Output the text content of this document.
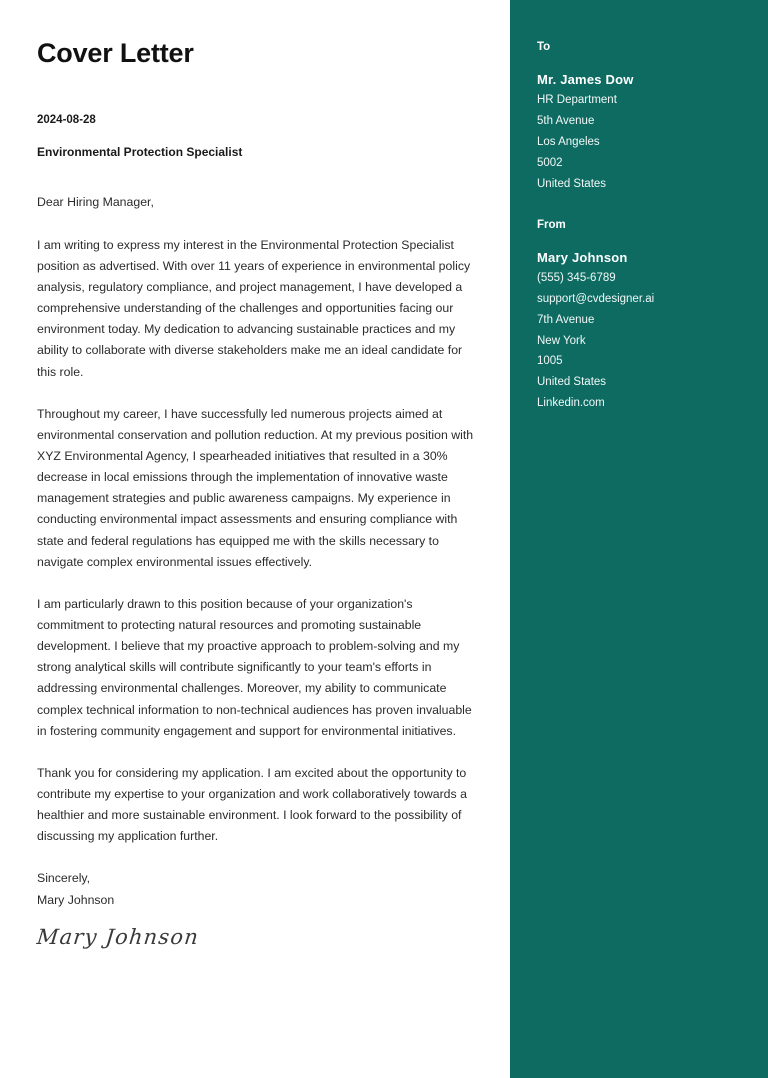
Cover Letter
2024-08-28
Environmental Protection Specialist
Dear Hiring Manager,

I am writing to express my interest in the Environmental Protection Specialist position as advertised. With over 11 years of experience in environmental policy analysis, regulatory compliance, and project management, I have developed a comprehensive understanding of the challenges and opportunities facing our environment today. My dedication to advancing sustainable practices and my ability to collaborate with diverse stakeholders make me an ideal candidate for this role.

Throughout my career, I have successfully led numerous projects aimed at environmental conservation and pollution reduction. At my previous position with XYZ Environmental Agency, I spearheaded initiatives that resulted in a 30% decrease in local emissions through the implementation of innovative waste management strategies and public awareness campaigns. My experience in conducting environmental impact assessments and ensuring compliance with state and federal regulations has equipped me with the skills necessary to navigate complex environmental issues effectively.

I am particularly drawn to this position because of your organization's commitment to protecting natural resources and promoting sustainable development. I believe that my proactive approach to problem-solving and my strong analytical skills will contribute significantly to your team's efforts in addressing environmental challenges. Moreover, my ability to communicate complex technical information to non-technical audiences has proven invaluable in fostering community engagement and support for environmental initiatives.

Thank you for considering my application. I am excited about the opportunity to contribute my expertise to your organization and work collaboratively towards a healthier and more sustainable environment. I look forward to the possibility of discussing my application further.

Sincerely,
Mary Johnson
Mary Johnson
To
Mr. James Dow
HR Department
5th Avenue
Los Angeles
5002
United States
From
Mary Johnson
(555) 345-6789
support@cvdesigner.ai
7th Avenue
New York
1005
United States
Linkedin.com
